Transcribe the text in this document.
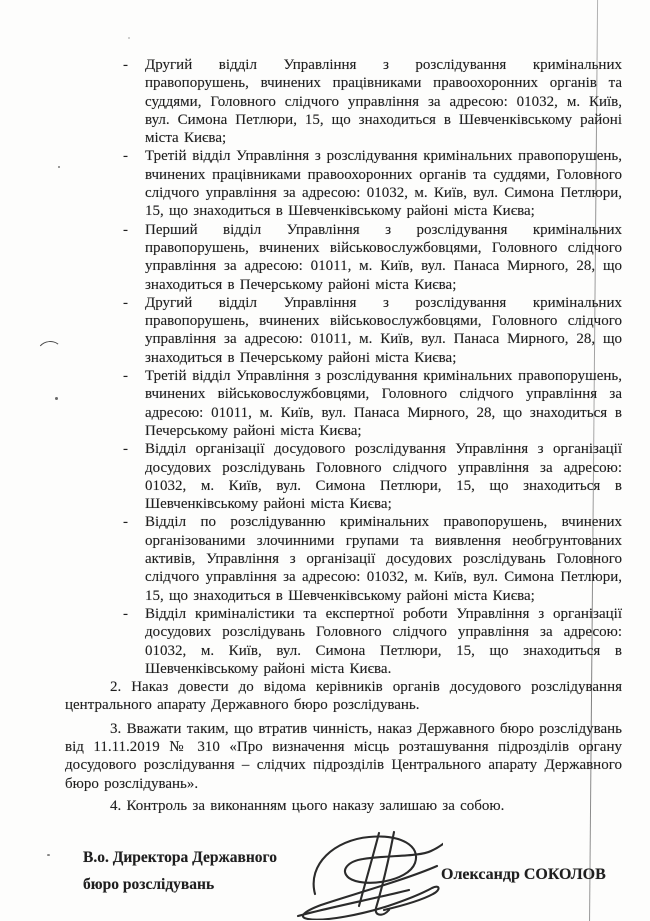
- Другий відділ Управління з розслідування кримінальних правопорушень, вчинених працівниками правоохоронних органів та суддями, Головного слідчого управління за адресою: 01032, м. Київ, вул. Симона Петлюри, 15, що знаходиться в Шевченківському районі міста Києва;
- Третій відділ Управління з розслідування кримінальних правопорушень, вчинених працівниками правоохоронних органів та суддями, Головного слідчого управління за адресою: 01032, м. Київ, вул. Симона Петлюри, 15, що знаходиться в Шевченківському районі міста Києва;
- Перший відділ Управління з розслідування кримінальних правопорушень, вчинених військовослужбовцями, Головного слідчого управління за адресою: 01011, м. Київ, вул. Панаса Мирного, 28, що знаходиться в Печерському районі міста Києва;
- Другий відділ Управління з розслідування кримінальних правопорушень, вчинених військовослужбовцями, Головного слідчого управління за адресою: 01011, м. Київ, вул. Панаса Мирного, 28, що знаходиться в Печерському районі міста Києва;
- Третій відділ Управління з розслідування кримінальних правопорушень, вчинених військовослужбовцями, Головного слідчого управління за адресою: 01011, м. Київ, вул. Панаса Мирного, 28, що знаходиться в Печерському районі міста Києва;
- Відділ організації досудового розслідування Управління з організації досудових розслідувань Головного слідчого управління за адресою: 01032, м. Київ, вул. Симона Петлюри, 15, що знаходиться в Шевченківському районі міста Києва;
- Відділ по розслідуванню кримінальних правопорушень, вчинених організованими злочинними групами та виявлення необгрунтованих активів, Управління з організації досудових розслідувань Головного слідчого управління за адресою: 01032, м. Київ, вул. Симона Петлюри, 15, що знаходиться в Шевченківському районі міста Києва;
- Відділ криміналістики та експертної роботи Управління з організації досудових розслідувань Головного слідчого управління за адресою: 01032, м. Київ, вул. Симона Петлюри, 15, що знаходиться в Шевченківському районі міста Києва.

2. Наказ довести до відома керівників органів досудового розслідування центрального апарату Державного бюро розслідувань.

3. Вважати таким, що втратив чинність, наказ Державного бюро розслідувань від 11.11.2019 № 310 «Про визначення місць розташування підрозділів органу досудового розслідування – слідчих підрозділів Центрального апарату Державного бюро розслідувань».

4. Контроль за виконанням цього наказу залишаю за собою.

В.о. Директора Державного
бюро розслідувань
Олександр СОКОЛОВ
